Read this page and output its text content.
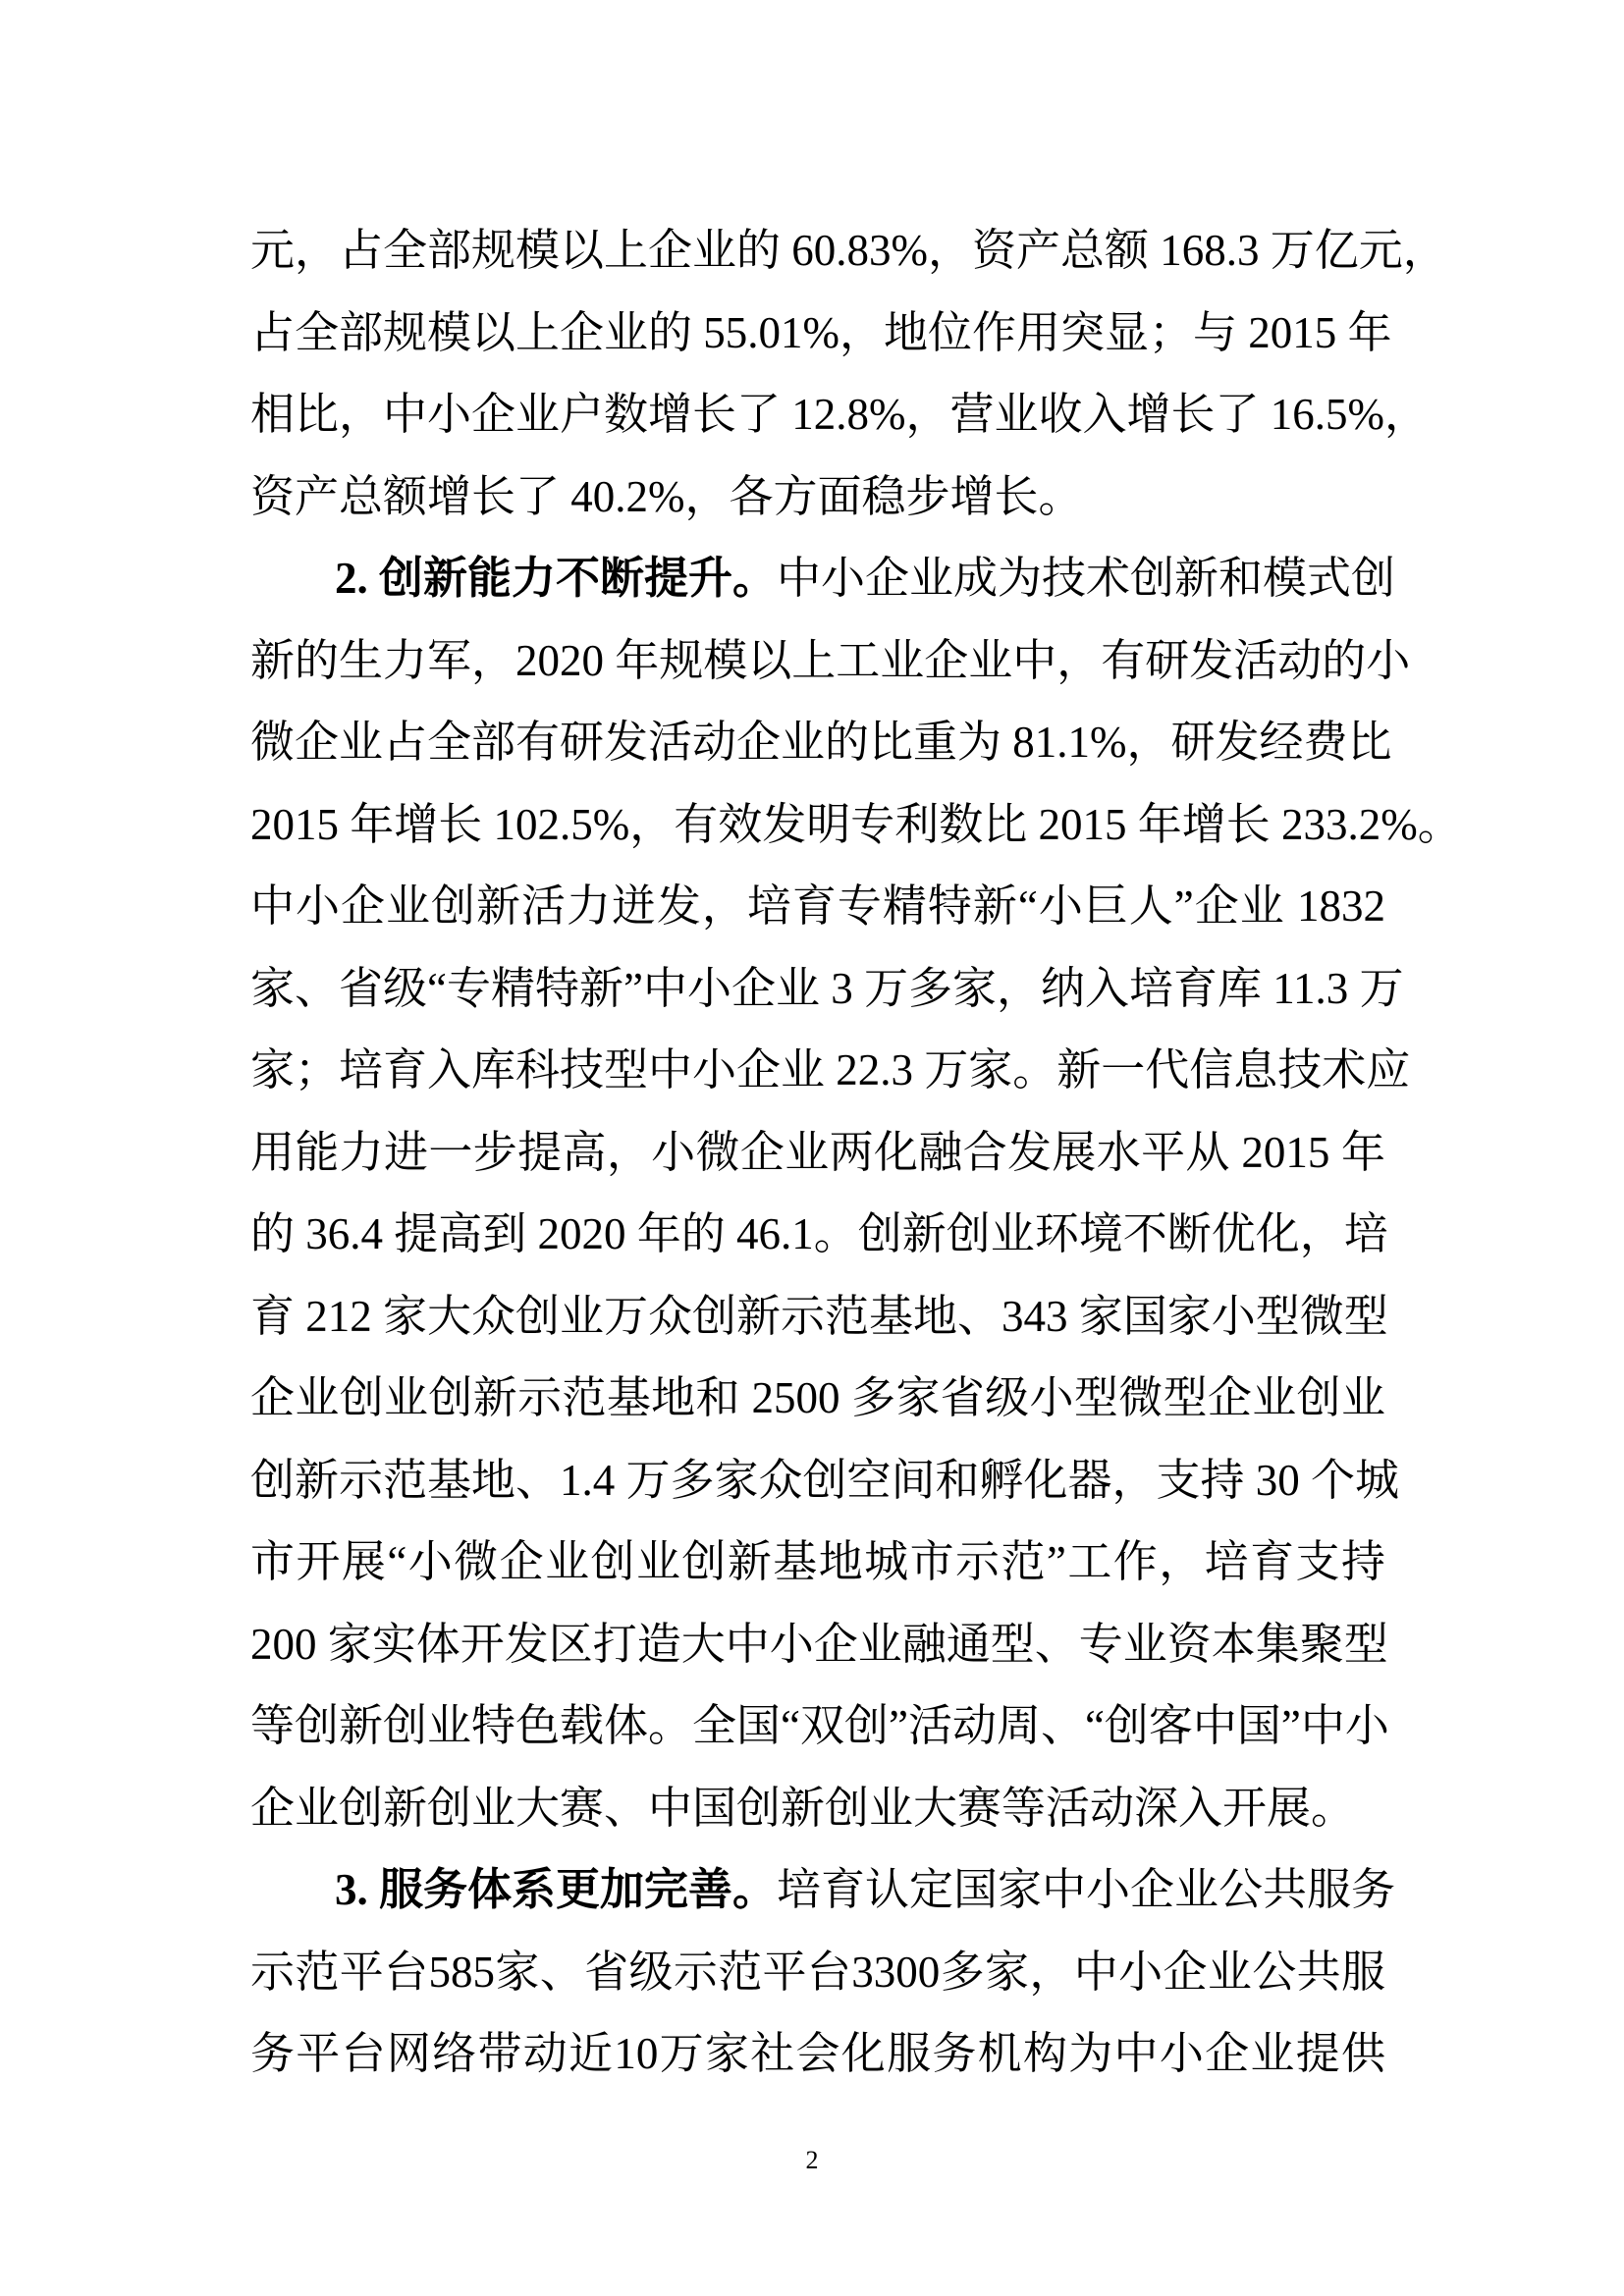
元，占全部规模以上企业的 60.83%，资产总额 168.3 万亿元，
占全部规模以上企业的 55.01%，地位作用突显；与 2015 年
相比，中小企业户数增长了 12.8%，营业收入增长了 16.5%，
资产总额增长了 40.2%，各方面稳步增长。
2. 创新能力不断提升。中小企业成为技术创新和模式创
新的生力军，2020 年规模以上工业企业中，有研发活动的小
微企业占全部有研发活动企业的比重为 81.1%，研发经费比
2015 年增长 102.5%，有效发明专利数比 2015 年增长 233.2%。
中小企业创新活力迸发，培育专精特新“小巨人”企业 1832
家、省级“专精特新”中小企业 3 万多家，纳入培育库 11.3 万
家；培育入库科技型中小企业 22.3 万家。新一代信息技术应
用能力进一步提高，小微企业两化融合发展水平从 2015 年
的 36.4 提高到 2020 年的 46.1。创新创业环境不断优化，培
育 212 家大众创业万众创新示范基地、343 家国家小型微型
企业创业创新示范基地和 2500 多家省级小型微型企业创业
创新示范基地、1.4 万多家众创空间和孵化器，支持 30 个城
市开展“小微企业创业创新基地城市示范”工作，培育支持
200 家实体开发区打造大中小企业融通型、专业资本集聚型
等创新创业特色载体。全国“双创”活动周、“创客中国”中小
企业创新创业大赛、中国创新创业大赛等活动深入开展。
3. 服务体系更加完善。培育认定国家中小企业公共服务
示范平台585家、省级示范平台3300多家，中小企业公共服
务平台网络带动近10万家社会化服务机构为中小企业提供
2
